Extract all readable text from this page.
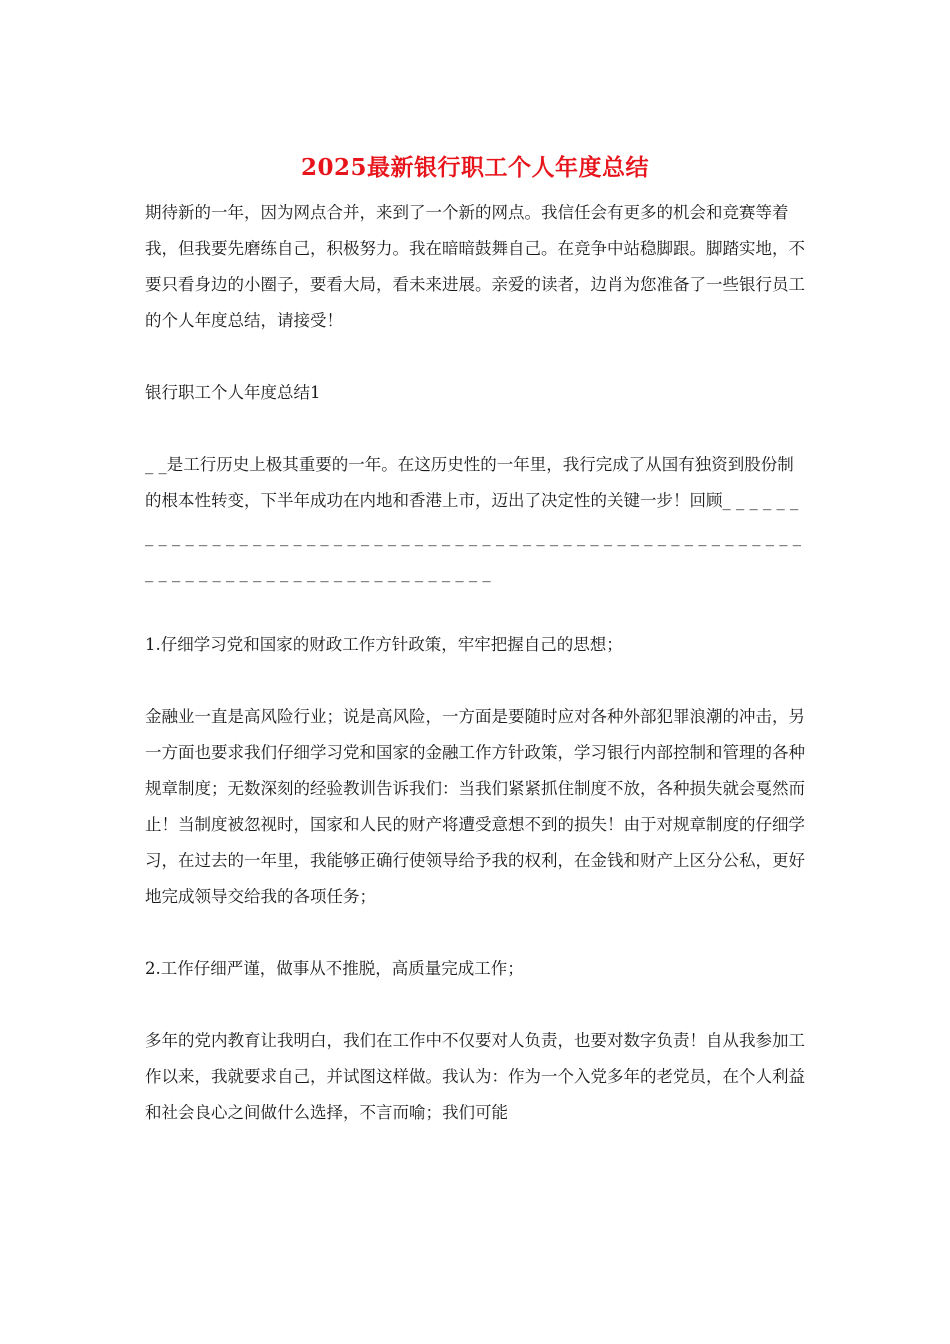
2025最新银行职工个人年度总结

期待新的一年，因为网点合并，来到了一个新的网点。我信任会有更多的机会和竞赛等着我，但我要先磨练自己，积极努力。我在暗暗鼓舞自己。在竞争中站稳脚跟。脚踏实地，不要只看身边的小圈子，要看大局，看未来进展。亲爱的读者，边肖为您准备了一些银行员工的个人年度总结，请接受！

银行职工个人年度总结1

_ _是工行历史上极其重要的一年。在这历史性的一年里，我行完成了从国有独资到股份制的根本性转变，下半年成功在内地和香港上市，迈出了决定性的关键一步！回顾_ _ _ _ _ _ _ _ _ _ _ _ _ _ _ _ _ _ _ _ _ _ _ _ _ _ _ _ _ _ _ _ _ _ _ _ _ _ _ _ _ _ _ _ _ _ _ _ _ _ _ _ _ _ _ _ _ _ _ _ _ _ _ _ _ _ _ _ _ _ _ _ _ _ _ _ _ _ _ _ _

1.仔细学习党和国家的财政工作方针政策，牢牢把握自己的思想；

金融业一直是高风险行业；说是高风险，一方面是要随时应对各种外部犯罪浪潮的冲击，另一方面也要求我们仔细学习党和国家的金融工作方针政策，学习银行内部控制和管理的各种规章制度；无数深刻的经验教训告诉我们：当我们紧紧抓住制度不放，各种损失就会戛然而止！当制度被忽视时，国家和人民的财产将遭受意想不到的损失！由于对规章制度的仔细学习，在过去的一年里，我能够正确行使领导给予我的权利，在金钱和财产上区分公私，更好地完成领导交给我的各项任务；

2.工作仔细严谨，做事从不推脱，高质量完成工作；

多年的党内教育让我明白，我们在工作中不仅要对人负责，也要对数字负责！自从我参加工作以来，我就要求自己，并试图这样做。我认为：作为一个入党多年的老党员，在个人利益和社会良心之间做什么选择，不言而喻；我们可能
